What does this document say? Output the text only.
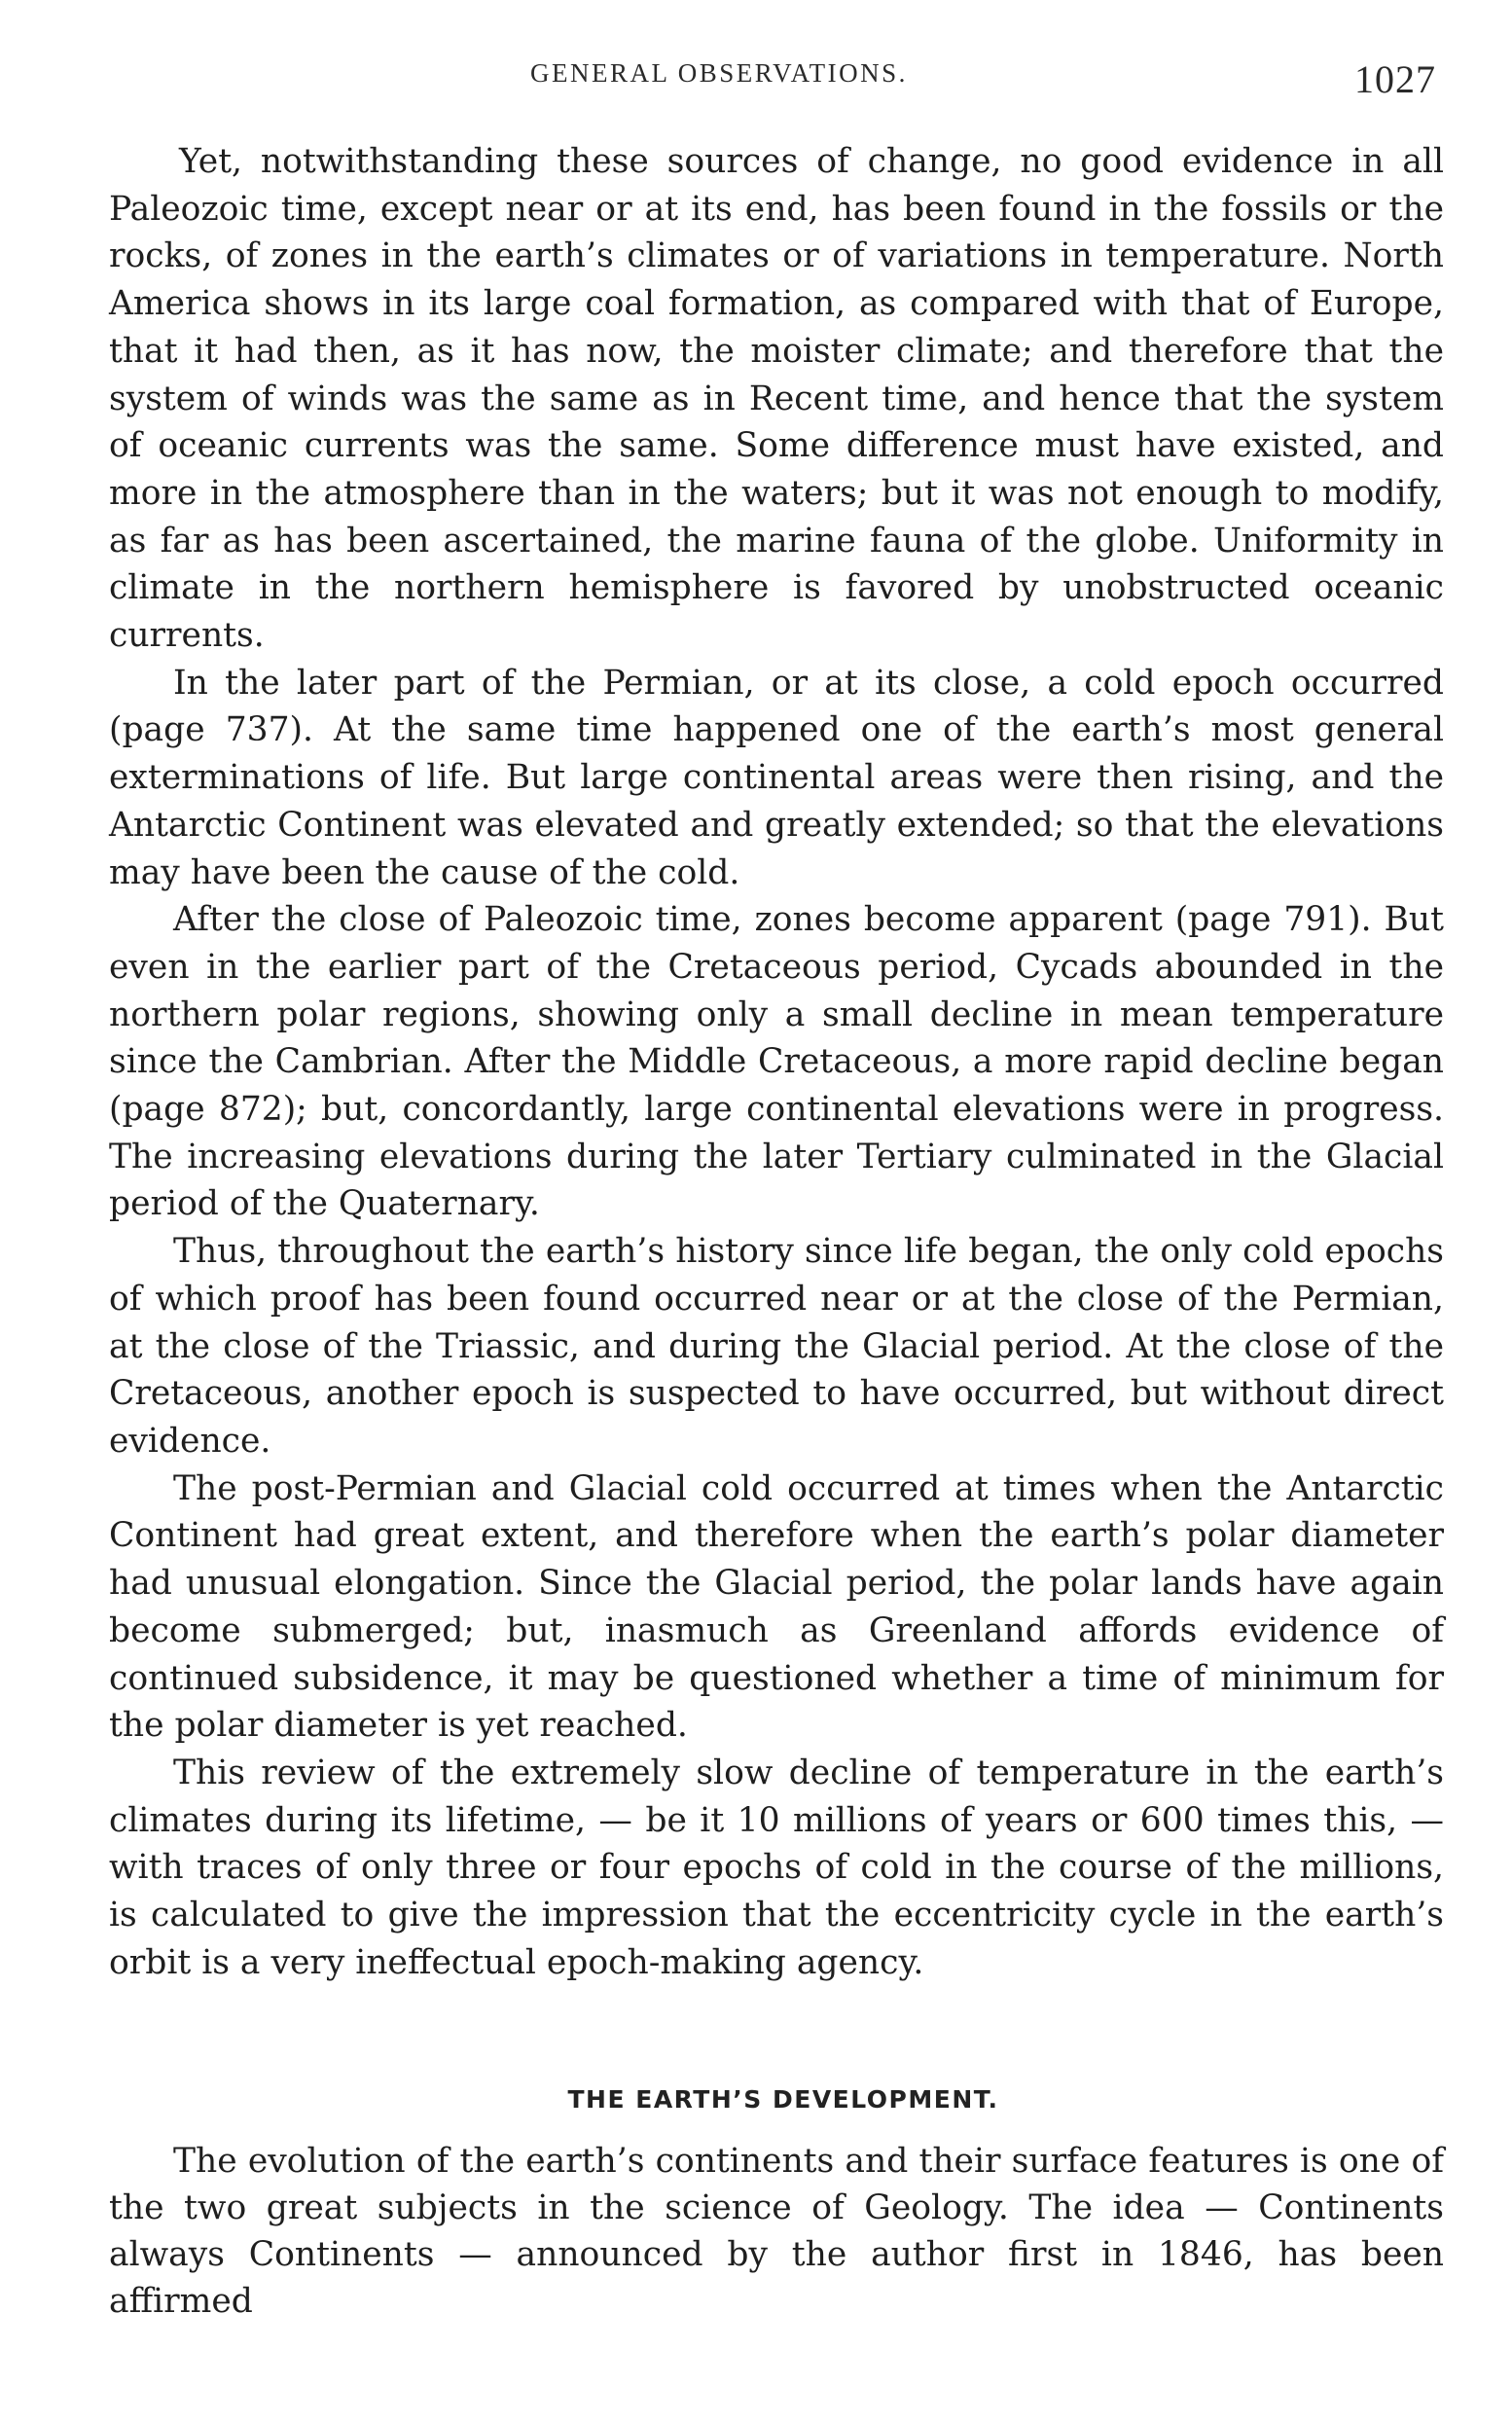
GENERAL OBSERVATIONS.	1027

Yet, notwithstanding these sources of change, no good evidence in all Paleozoic time, except near or at its end, has been found in the fossils or the rocks, of zones in the earth’s climates or of variations in temperature. North America shows in its large coal formation, as compared with that of Europe, that it had then, as it has now, the moister climate; and therefore that the system of winds was the same as in Recent time, and hence that the system of oceanic currents was the same. Some difference must have existed, and more in the atmosphere than in the waters; but it was not enough to modify, as far as has been ascertained, the marine fauna of the globe. Uniformity in climate in the northern hemisphere is favored by unobstructed oceanic currents.

In the later part of the Permian, or at its close, a cold epoch occurred (page 737). At the same time happened one of the earth’s most general exterminations of life. But large continental areas were then rising, and the Antarctic Continent was elevated and greatly extended; so that the elevations may have been the cause of the cold.

After the close of Paleozoic time, zones become apparent (page 791). But even in the earlier part of the Cretaceous period, Cycads abounded in the northern polar regions, showing only a small decline in mean temperature since the Cambrian. After the Middle Cretaceous, a more rapid decline began (page 872); but, concordantly, large continental elevations were in progress. The increasing elevations during the later Tertiary culminated in the Glacial period of the Quaternary.

Thus, throughout the earth’s history since life began, the only cold epochs of which proof has been found occurred near or at the close of the Permian, at the close of the Triassic, and during the Glacial period. At the close of the Cretaceous, another epoch is suspected to have occurred, but without direct evidence.

The post-Permian and Glacial cold occurred at times when the Antarctic Continent had great extent, and therefore when the earth’s polar diameter had unusual elongation. Since the Glacial period, the polar lands have again become submerged; but, inasmuch as Greenland affords evidence of continued subsidence, it may be questioned whether a time of minimum for the polar diameter is yet reached.

This review of the extremely slow decline of temperature in the earth’s climates during its lifetime, — be it 10 millions of years or 600 times this, — with traces of only three or four epochs of cold in the course of the millions, is calculated to give the impression that the eccentricity cycle in the earth’s orbit is a very ineffectual epoch-making agency.

THE EARTH’S DEVELOPMENT.

The evolution of the earth’s continents and their surface features is one of the two great subjects in the science of Geology. The idea — Continents always Continents — announced by the author first in 1846, has been affirmed
